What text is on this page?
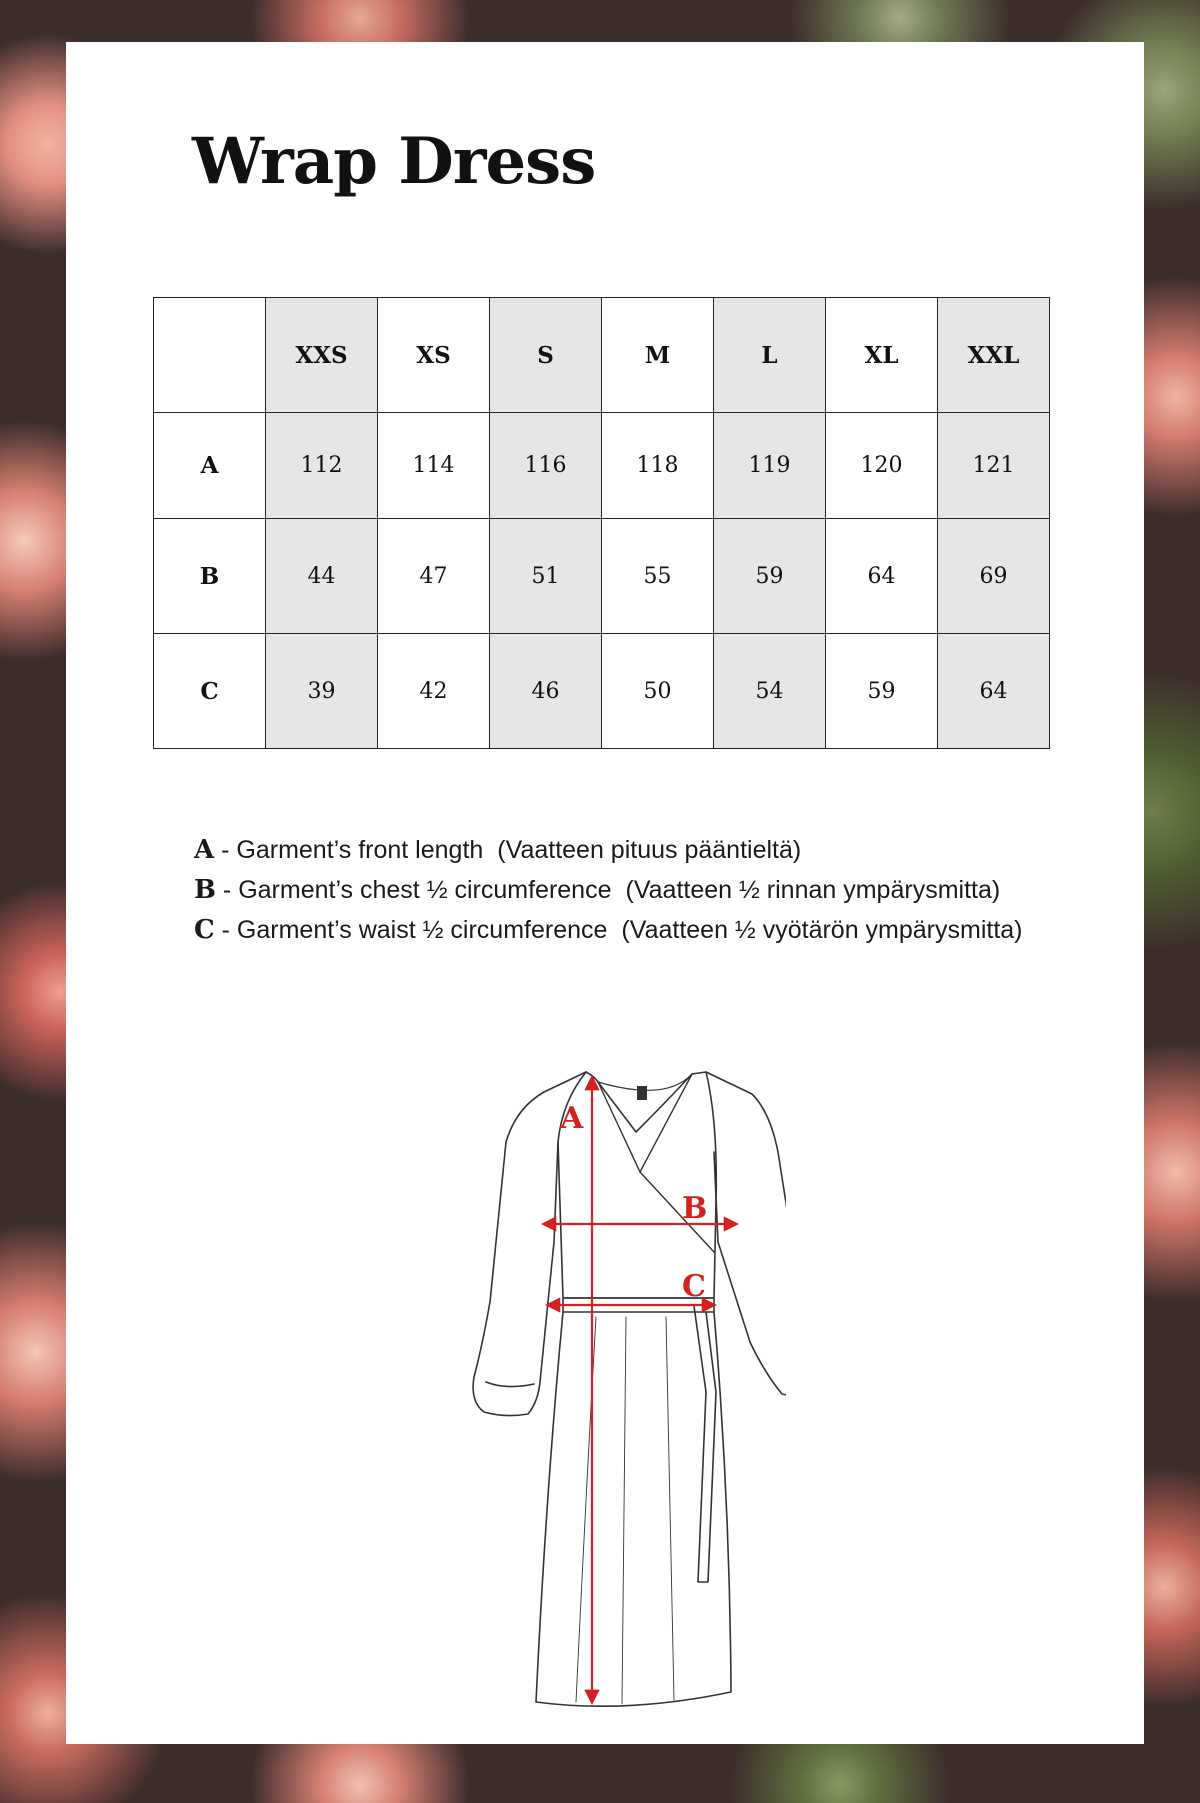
Wrap Dress
	XXS	XS	S	M	L	XL	XXL
A	112	114	116	118	119	120	121
B	44	47	51	55	59	64	69
C	39	42	46	50	54	59	64
A - Garment’s front length (Vaatteen pituus pääntieltä)
B - Garment’s chest ½ circumference (Vaatteen ½ rinnan ympärysmitta)
C - Garment’s waist ½ circumference (Vaatteen ½ vyötärön ympärysmitta)
A
B
C
